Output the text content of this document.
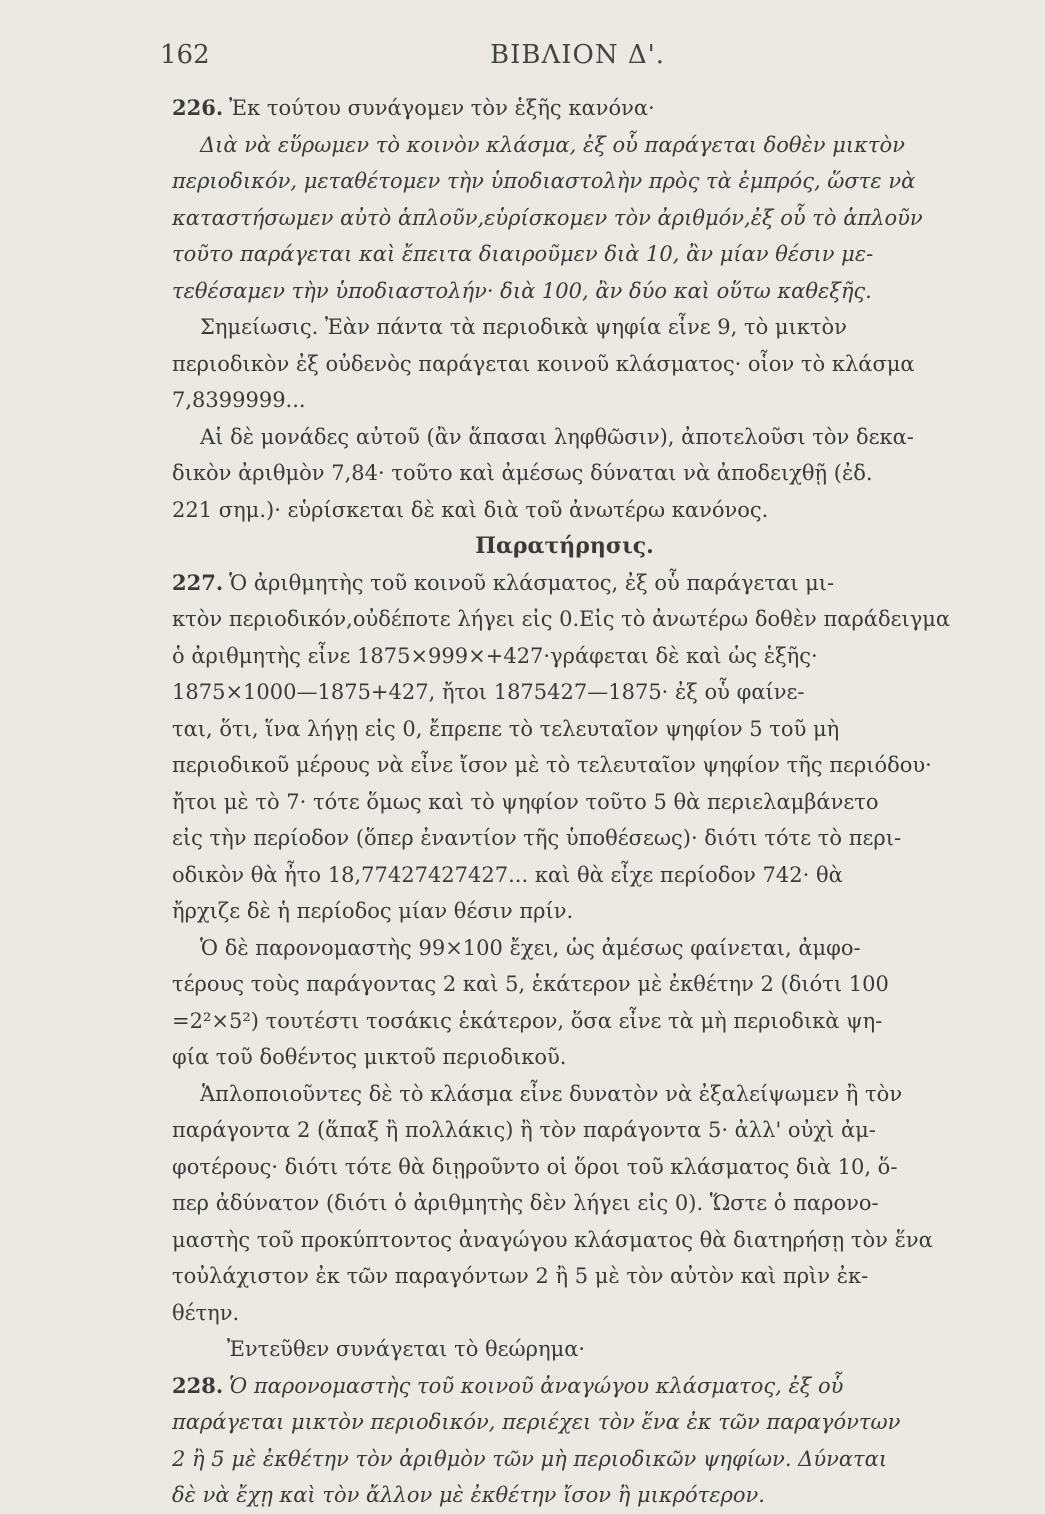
162	ΒΙΒΛΙΟΝ Δ'.
226. Ἐκ τούτου συνάγομεν τὸν ἑξῆς κανόνα·
Διὰ νὰ εὕρωμεν τὸ κοινὸν κλάσμα, ἐξ οὗ παράγεται δοθὲν μικτὸν
περιοδικόν, μεταθέτομεν τὴν ὑποδιαστολὴν πρὸς τὰ ἐμπρός, ὥστε νὰ
καταστήσωμεν αὐτὸ ἁπλοῦν,εὑρίσκομεν τὸν ἀριθμόν,ἐξ οὗ τὸ ἁπλοῦν
τοῦτο παράγεται καὶ ἔπειτα διαιροῦμεν διὰ 10, ἂν μίαν θέσιν με-
τεθέσαμεν τὴν ὑποδιαστολήν· διὰ 100, ἂν δύο καὶ οὕτω καθεξῆς.
Σημείωσις. Ἐὰν πάντα τὰ περιοδικὰ ψηφία εἶνε 9, τὸ μικτὸν
περιοδικὸν ἐξ οὐδενὸς παράγεται κοινοῦ κλάσματος· οἷον τὸ κλάσμα
7,8399999...
Αἱ δὲ μονάδες αὐτοῦ (ἂν ἅπασαι ληφθῶσιν), ἀποτελοῦσι τὸν δεκα-
δικὸν ἀριθμὸν 7,84· τοῦτο καὶ ἀμέσως δύναται νὰ ἀποδειχθῇ (ἐδ.
221 σημ.)· εὑρίσκεται δὲ καὶ διὰ τοῦ ἀνωτέρω κανόνος.
Παρατήρησις.
227. Ὁ ἀριθμητὴς τοῦ κοινοῦ κλάσματος, ἐξ οὗ παράγεται μι-
κτὸν περιοδικόν,οὐδέποτε λήγει εἰς 0.Εἰς τὸ ἀνωτέρω δοθὲν παράδειγμα
ὁ ἀριθμητὴς εἶνε 1875×999×+427·γράφεται δὲ καὶ ὡς ἑξῆς·
1875×1000—1875+427, ἤτοι 1875427—1875· ἐξ οὗ φαίνε-
ται, ὅτι, ἵνα λήγῃ εἰς 0, ἔπρεπε τὸ τελευταῖον ψηφίον 5 τοῦ μὴ
περιοδικοῦ μέρους νὰ εἶνε ἴσον μὲ τὸ τελευταῖον ψηφίον τῆς περιόδου·
ἤτοι μὲ τὸ 7· τότε ὅμως καὶ τὸ ψηφίον τοῦτο 5 θὰ περιελαμβάνετο
εἰς τὴν περίοδον (ὅπερ ἐναντίον τῆς ὑποθέσεως)· διότι τότε τὸ περι-
οδικὸν θὰ ἦτο 18,77427427427... καὶ θὰ εἶχε περίοδον 742· θὰ
ἤρχιζε δὲ ἡ περίοδος μίαν θέσιν πρίν.
Ὁ δὲ παρονομαστὴς 99×100 ἔχει, ὡς ἀμέσως φαίνεται, ἀμφο-
τέρους τοὺς παράγοντας 2 καὶ 5, ἑκάτερον μὲ ἐκθέτην 2 (διότι 100
=2²×5²) τουτέστι τοσάκις ἑκάτερον, ὅσα εἶνε τὰ μὴ περιοδικὰ ψη-
φία τοῦ δοθέντος μικτοῦ περιοδικοῦ.
Ἁπλοποιοῦντες δὲ τὸ κλάσμα εἶνε δυνατὸν νὰ ἐξαλείψωμεν ἢ τὸν
παράγοντα 2 (ἅπαξ ἢ πολλάκις) ἢ τὸν παράγοντα 5· ἀλλ' οὐχὶ ἀμ-
φοτέρους· διότι τότε θὰ διῃροῦντο οἱ ὅροι τοῦ κλάσματος διὰ 10, ὅ-
περ ἀδύνατον (διότι ὁ ἀριθμητὴς δὲν λήγει εἰς 0). Ὥστε ὁ παρονο-
μαστὴς τοῦ προκύπτοντος ἀναγώγου κλάσματος θὰ διατηρήσῃ τὸν ἕνα
τοὐλάχιστον ἐκ τῶν παραγόντων 2 ἢ 5 μὲ τὸν αὐτὸν καὶ πρὶν ἐκ-
θέτην.
Ἐντεῦθεν συνάγεται τὸ θεώρημα·
228. Ὁ παρονομαστὴς τοῦ κοινοῦ ἀναγώγου κλάσματος, ἐξ οὗ
παράγεται μικτὸν περιοδικόν, περιέχει τὸν ἕνα ἐκ τῶν παραγόντων
2 ἢ 5 μὲ ἐκθέτην τὸν ἀριθμὸν τῶν μὴ περιοδικῶν ψηφίων. Δύναται
δὲ νὰ ἔχῃ καὶ τὸν ἄλλον μὲ ἐκθέτην ἴσον ἢ μικρότερον.
